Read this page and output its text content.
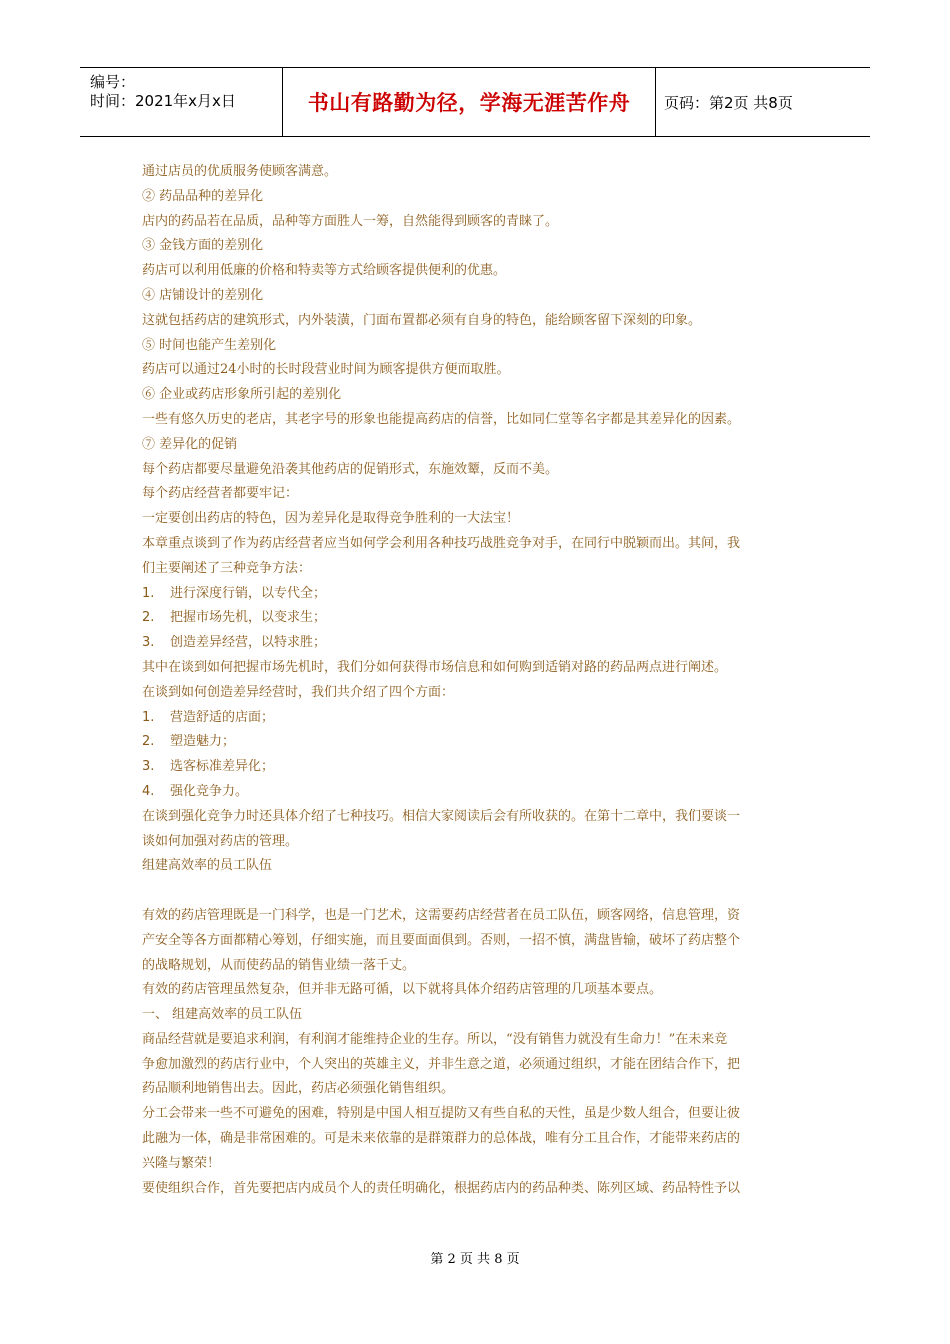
编号：
时间：2021年x月x日	书山有路勤为径，学海无涯苦作舟 页码：第2页 共8页
通过店员的优质服务使顾客满意。
② 药品品种的差异化
店内的药品若在品质，品种等方面胜人一筹，自然能得到顾客的青睐了。
③ 金钱方面的差别化
药店可以利用低廉的价格和特卖等方式给顾客提供便利的优惠。
④ 店铺设计的差别化
这就包括药店的建筑形式，内外装潢，门面布置都必须有自身的特色，能给顾客留下深刻的印象。
⑤ 时间也能产生差别化
药店可以通过24小时的长时段营业时间为顾客提供方便而取胜。
⑥ 企业或药店形象所引起的差别化
一些有悠久历史的老店，其老字号的形象也能提高药店的信誉，比如同仁堂等名字都是其差异化的因素。
⑦ 差异化的促销
每个药店都要尽量避免沿袭其他药店的促销形式，东施效颦，反而不美。
每个药店经营者都要牢记：
一定要创出药店的特色，因为差异化是取得竞争胜利的一大法宝！
本章重点谈到了作为药店经营者应当如何学会利用各种技巧战胜竞争对手，在同行中脱颖而出。其间，我
们主要阐述了三种竞争方法：
1. 进行深度行销，以专代全；
2. 把握市场先机，以变求生；
3. 创造差异经营，以特求胜；
其中在谈到如何把握市场先机时，我们分如何获得市场信息和如何购到适销对路的药品两点进行阐述。
在谈到如何创造差异经营时，我们共介绍了四个方面：
1. 营造舒适的店面；
2. 塑造魅力；
3. 选客标准差异化；
4. 强化竞争力。
在谈到强化竞争力时还具体介绍了七种技巧。相信大家阅读后会有所收获的。在第十二章中，我们要谈一
谈如何加强对药店的管理。
组建高效率的员工队伍
有效的药店管理既是一门科学，也是一门艺术，这需要药店经营者在员工队伍，顾客网络，信息管理，资
产安全等各方面都精心筹划，仔细实施，而且要面面俱到。否则，一招不慎，满盘皆输，破坏了药店整个
的战略规划，从而使药品的销售业绩一落千丈。
有效的药店管理虽然复杂，但并非无路可循，以下就将具体介绍药店管理的几项基本要点。
一、 组建高效率的员工队伍
商品经营就是要追求利润，有利润才能维持企业的生存。所以，“没有销售力就没有生命力！”在未来竞
争愈加激烈的药店行业中，个人突出的英雄主义，并非生意之道，必须通过组织，才能在团结合作下，把
药品顺利地销售出去。因此，药店必须强化销售组织。
分工会带来一些不可避免的困难，特别是中国人相互提防又有些自私的天性，虽是少数人组合，但要让彼
此融为一体，确是非常困难的。可是未来依靠的是群策群力的总体战，唯有分工且合作，才能带来药店的
兴隆与繁荣！
要使组织合作，首先要把店内成员个人的责任明确化，根据药店内的药品种类、陈列区域、药品特性予以
第 2 页 共 8 页
